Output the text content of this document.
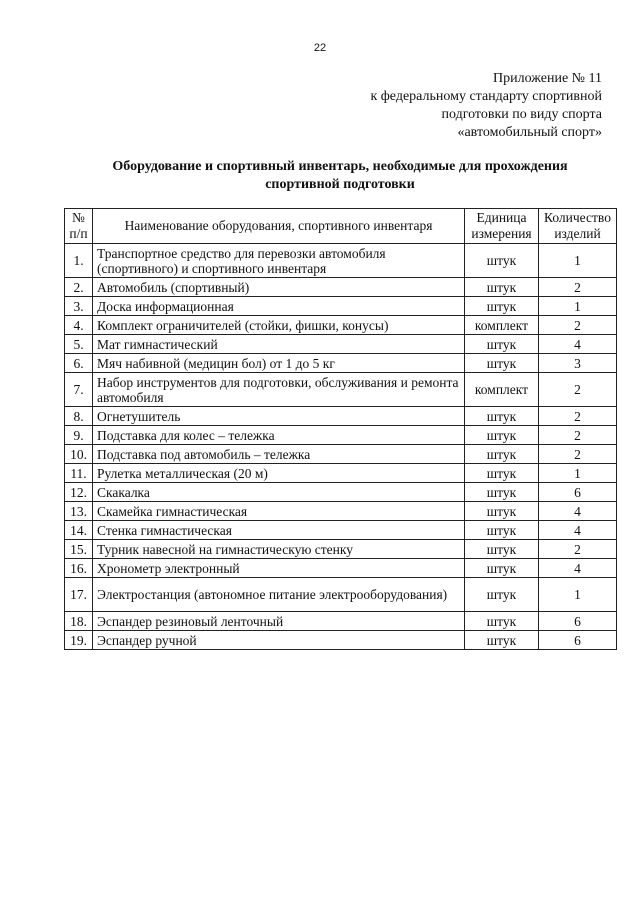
22
Приложение № 11
к федеральному стандарту спортивной
подготовки по виду спорта
«автомобильный спорт»
Оборудование и спортивный инвентарь, необходимые для прохождения
спортивной подготовки
№ п/п	Наименование оборудования, спортивного инвентаря	Единица измерения	Количество изделий
1.	Транспортное средство для перевозки автомобиля (спортивного) и спортивного инвентаря	штук	1
2.	Автомобиль (спортивный)	штук	2
3.	Доска информационная	штук	1
4.	Комплект ограничителей (стойки, фишки, конусы)	комплект	2
5.	Мат гимнастический	штук	4
6.	Мяч набивной (медицин бол) от 1 до 5 кг	штук	3
7.	Набор инструментов для подготовки, обслуживания и ремонта автомобиля	комплект	2
8.	Огнетушитель	штук	2
9.	Подставка для колес – тележка	штук	2
10.	Подставка под автомобиль – тележка	штук	2
11.	Рулетка металлическая (20 м)	штук	1
12.	Скакалка	штук	6
13.	Скамейка гимнастическая	штук	4
14.	Стенка гимнастическая	штук	4
15.	Турник навесной на гимнастическую стенку	штук	2
16.	Хронометр электронный	штук	4
17.	Электростанция (автономное питание электрооборудования)	штук	1
18.	Эспандер резиновый ленточный	штук	6
19.	Эспандер ручной	штук	6
